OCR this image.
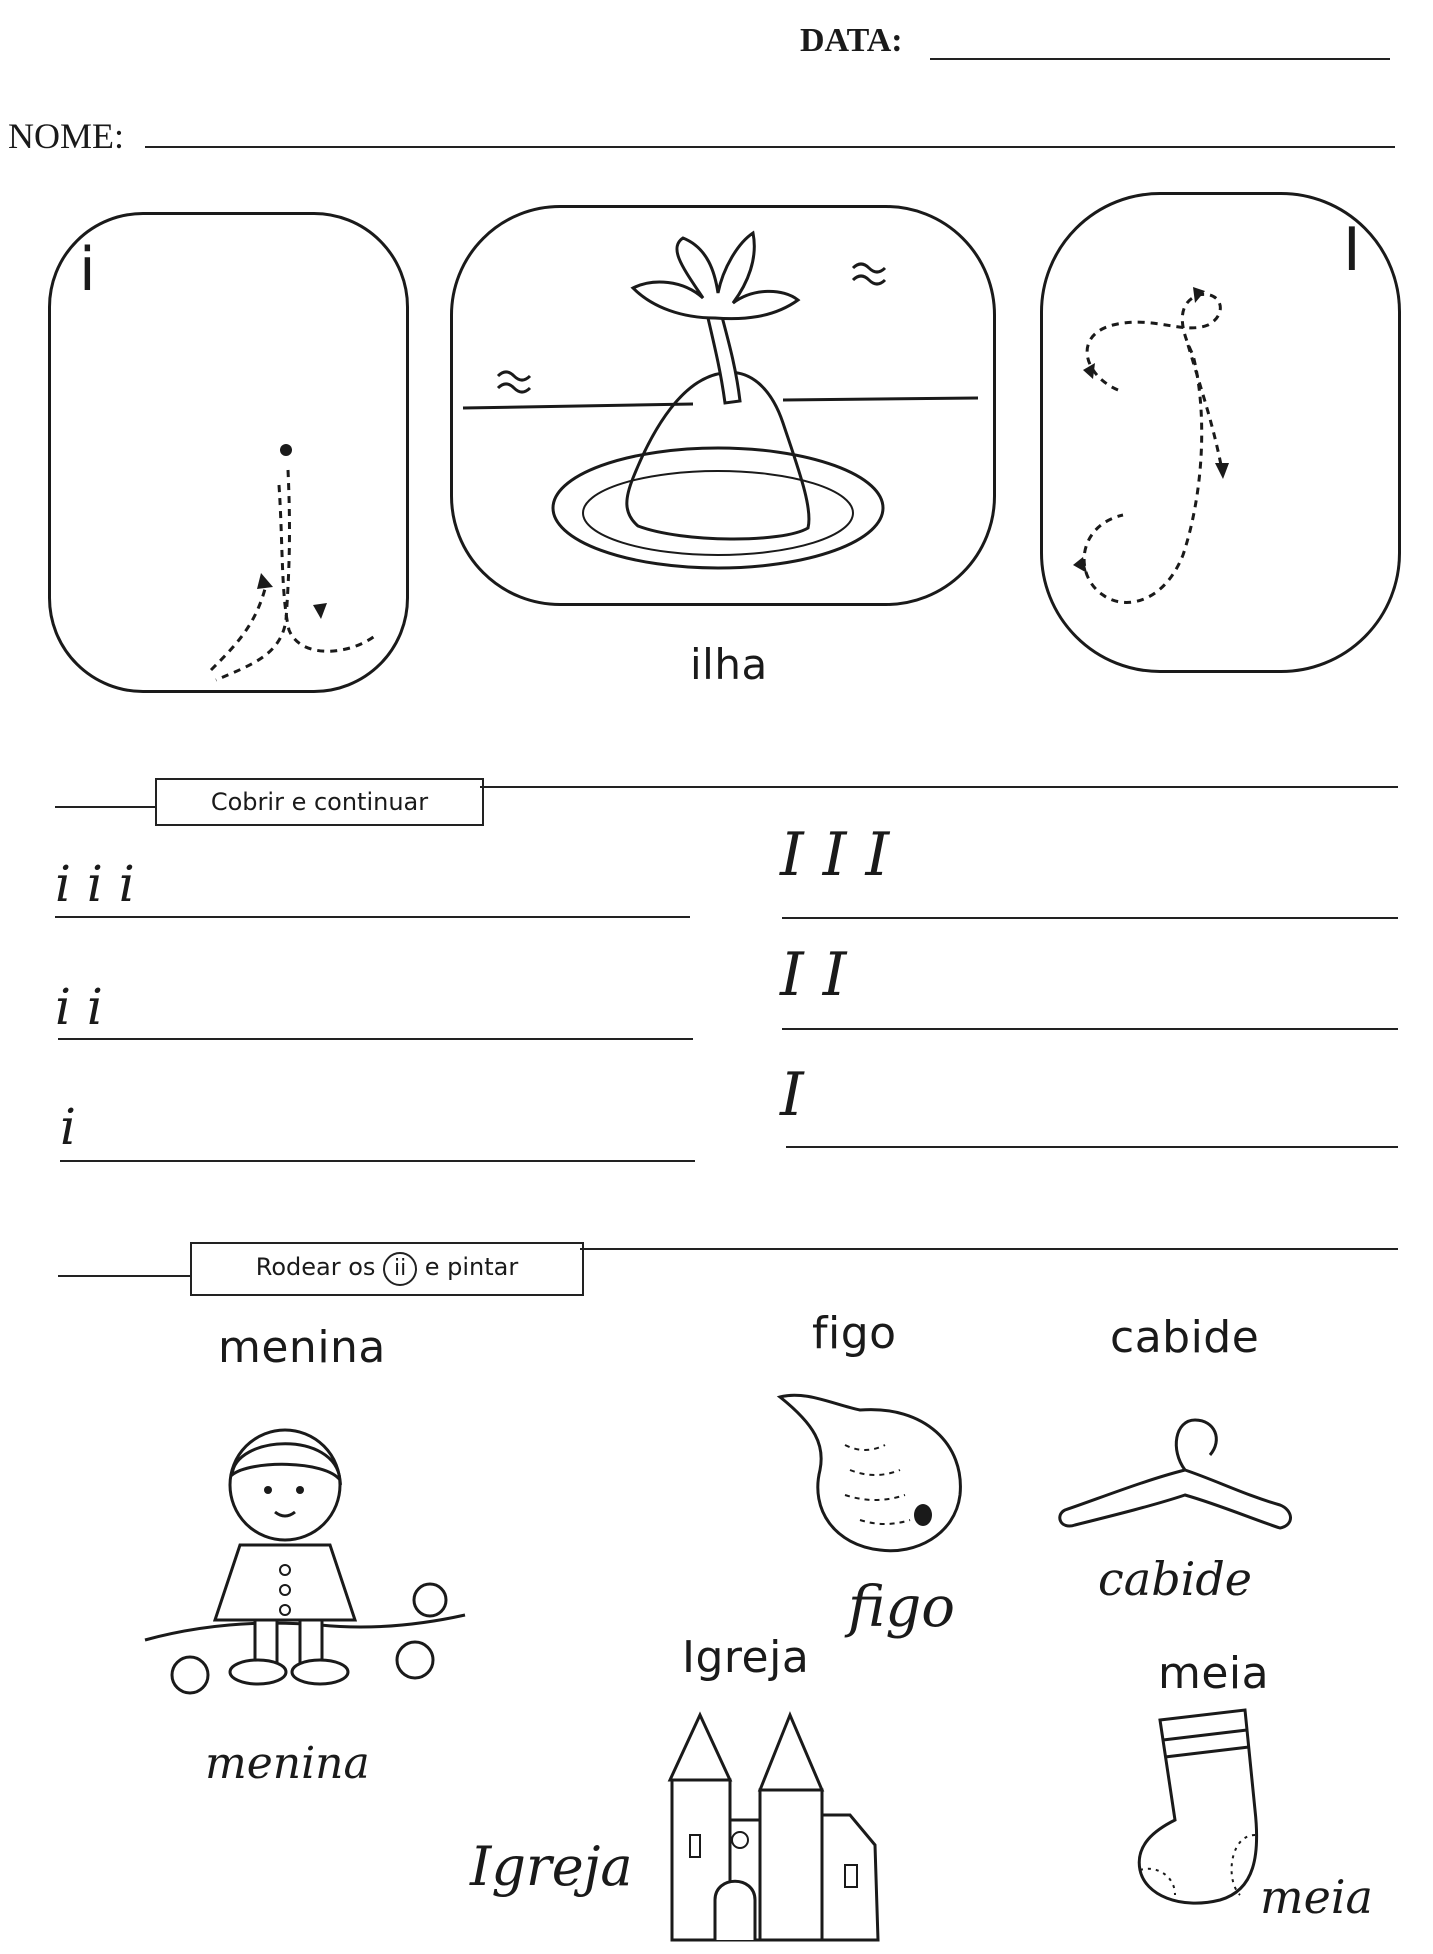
DATA:
NOME:
i
ilha
I
Cobrir e continuar
i i i
i i
i
I I I
I I
I
Rodear os ii e pintar
menina
menina
figo
figo
cabide
cabide
Igreja
Igreja
meia
meia
